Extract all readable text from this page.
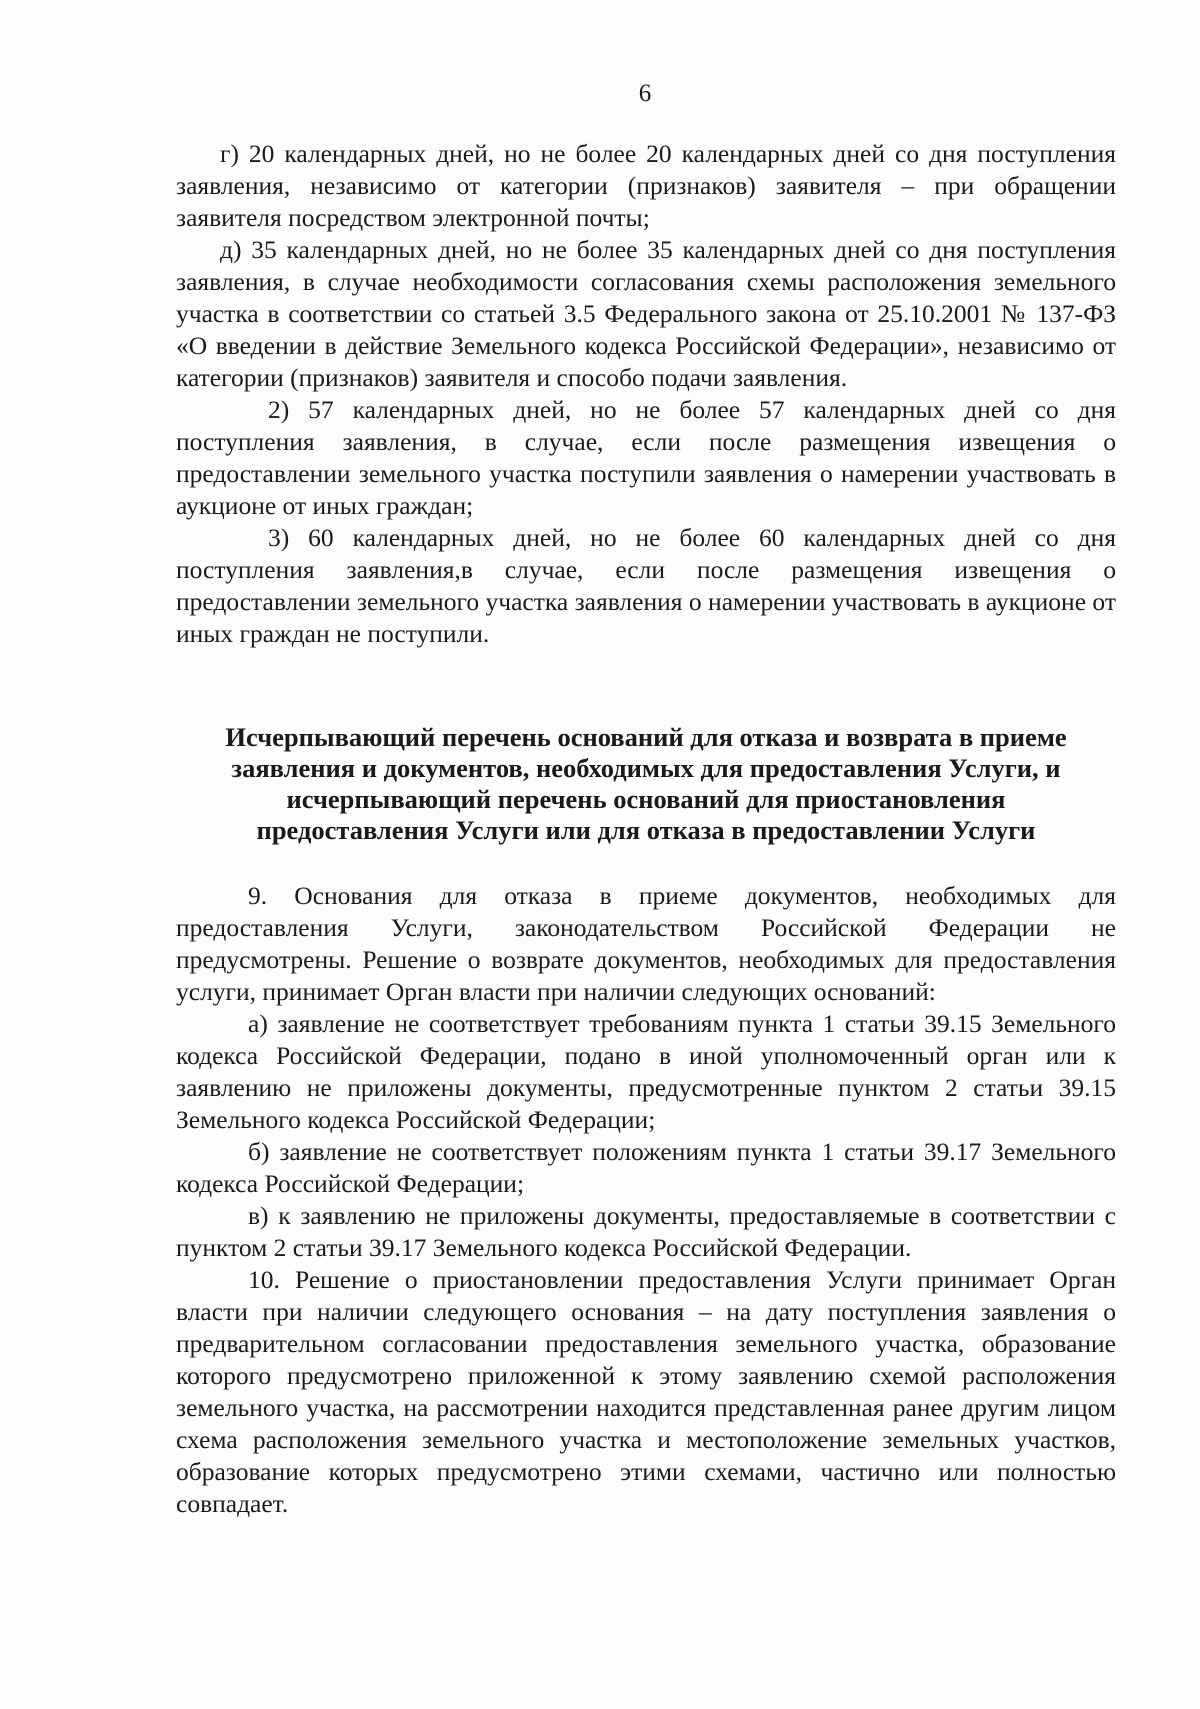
6

г) 20 календарных дней, но не более 20 календарных дней со дня поступления заявления, независимо от категории (признаков) заявителя – при обращении заявителя посредством электронной почты;

д) 35 календарных дней, но не более 35 календарных дней со дня поступления заявления, в случае необходимости согласования схемы расположения земельного участка в соответствии со статьей 3.5 Федерального закона от 25.10.2001 № 137-ФЗ «О введении в действие Земельного кодекса Российской Федерации», независимо от категории (признаков) заявителя и способо подачи заявления.

2) 57 календарных дней, но не более 57 календарных дней со дня поступления заявления, в случае, если после размещения извещения о предоставлении земельного участка поступили заявления о намерении участвовать в аукционе от иных граждан;

3) 60 календарных дней, но не более 60 календарных дней со дня поступления заявления,в случае, если после размещения извещения о предоставлении земельного участка заявления о намерении участвовать в аукционе от иных граждан не поступили.

Исчерпывающий перечень оснований для отказа и возврата в приеме
заявления и документов, необходимых для предоставления Услуги, и
исчерпывающий перечень оснований для приостановления
предоставления Услуги или для отказа в предоставлении Услуги

9. Основания для отказа в приеме документов, необходимых для предоставления Услуги, законодательством Российской Федерации не предусмотрены. Решение о возврате документов, необходимых для предоставления услуги, принимает Орган власти при наличии следующих оснований:

а) заявление не соответствует требованиям пункта 1 статьи 39.15 Земельного кодекса Российской Федерации, подано в иной уполномоченный орган или к заявлению не приложены документы, предусмотренные пунктом 2 статьи 39.15 Земельного кодекса Российской Федерации;

б) заявление не соответствует положениям пункта 1 статьи 39.17 Земельного кодекса Российской Федерации;

в) к заявлению не приложены документы, предоставляемые в соответствии с пунктом 2 статьи 39.17 Земельного кодекса Российской Федерации.

10. Решение о приостановлении предоставления Услуги принимает Орган власти при наличии следующего основания – на дату поступления заявления о предварительном согласовании предоставления земельного участка, образование которого предусмотрено приложенной к этому заявлению схемой расположения земельного участка, на рассмотрении находится представленная ранее другим лицом схема расположения земельного участка и местоположение земельных участков, образование которых предусмотрено этими схемами, частично или полностью совпадает.
